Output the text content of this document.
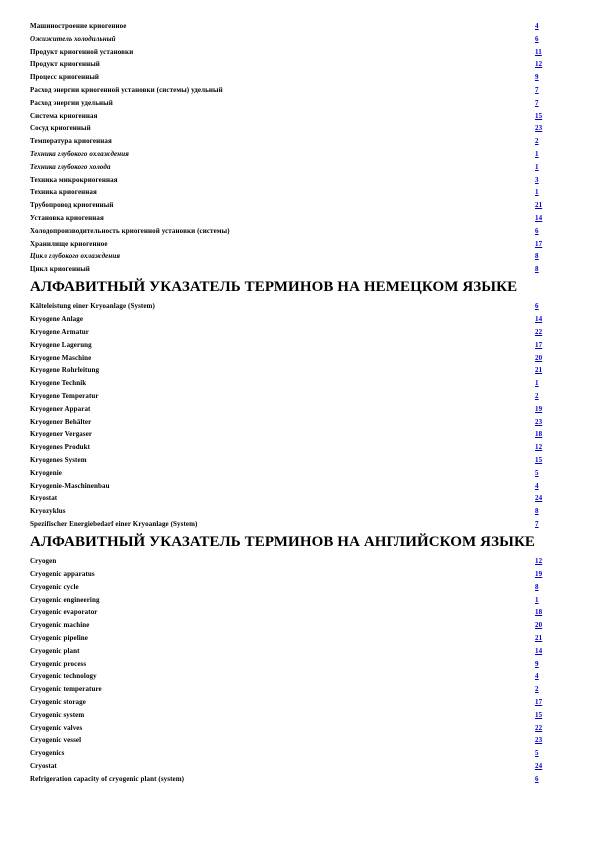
Машиностроение криогенное	4
Ожижитель холодильный	6
Продукт криогенной установки	11
Продукт криогенный	12
Процесс криогенный	9
Расход энергии криогенной установки (системы) удельный	7
Расход энергии удельный	7
Система криогенная	15
Сосуд криогенный	23
Температура криогенная	2
Техника глубокого охлаждения	1
Техника глубокого холода	1
Техника микрокриогенная	3
Техника криогенная	1
Трубопровод криогенный	21
Установка криогенная	14
Холодопроизводительность криогенной установки (системы)	6
Хранилище криогенное	17
Цикл глубокого охлаждения	8
Цикл криогенный	8
АЛФАВИТНЫЙ УКАЗАТЕЛЬ ТЕРМИНОВ НА НЕМЕЦКОМ ЯЗЫКЕ
Kälteleistung einer Kryoanlage (System)	6
Kryogene Anlage	14
Kryogene Armatur	22
Kryogene Lagerung	17
Kryogene Maschine	20
Kryogene Rohrleitung	21
Kryogene Technik	1
Kryogene Temperatur	2
Kryogener Apparat	19
Kryogener Behälter	23
Kryogener Vergaser	18
Kryogenes Produkt	12
Kryogenes System	15
Kryogenie	5
Kryogenie-Maschinenbau	4
Kryostat	24
Kryozyklus	8
Spezifischer Energiebedarf einer Kryoanlage (System)	7
АЛФАВИТНЫЙ УКАЗАТЕЛЬ ТЕРМИНОВ НА АНГЛИЙСКОМ ЯЗЫКЕ
Cryogen	12
Cryogenic apparatus	19
Cryogenic cycle	8
Cryogenic engineering	1
Cryogenic evaporator	18
Cryogenic machine	20
Cryogenic pipeline	21
Cryogenic plant	14
Cryogenic process	9
Cryogenic technology	4
Cryogenic temperature	2
Cryogenic storage	17
Cryogenic system	15
Cryogenic valves	22
Cryogenic vessel	23
Cryogenics	5
Cryostat	24
Refrigeration capacity of cryogenic plant (system)	6
